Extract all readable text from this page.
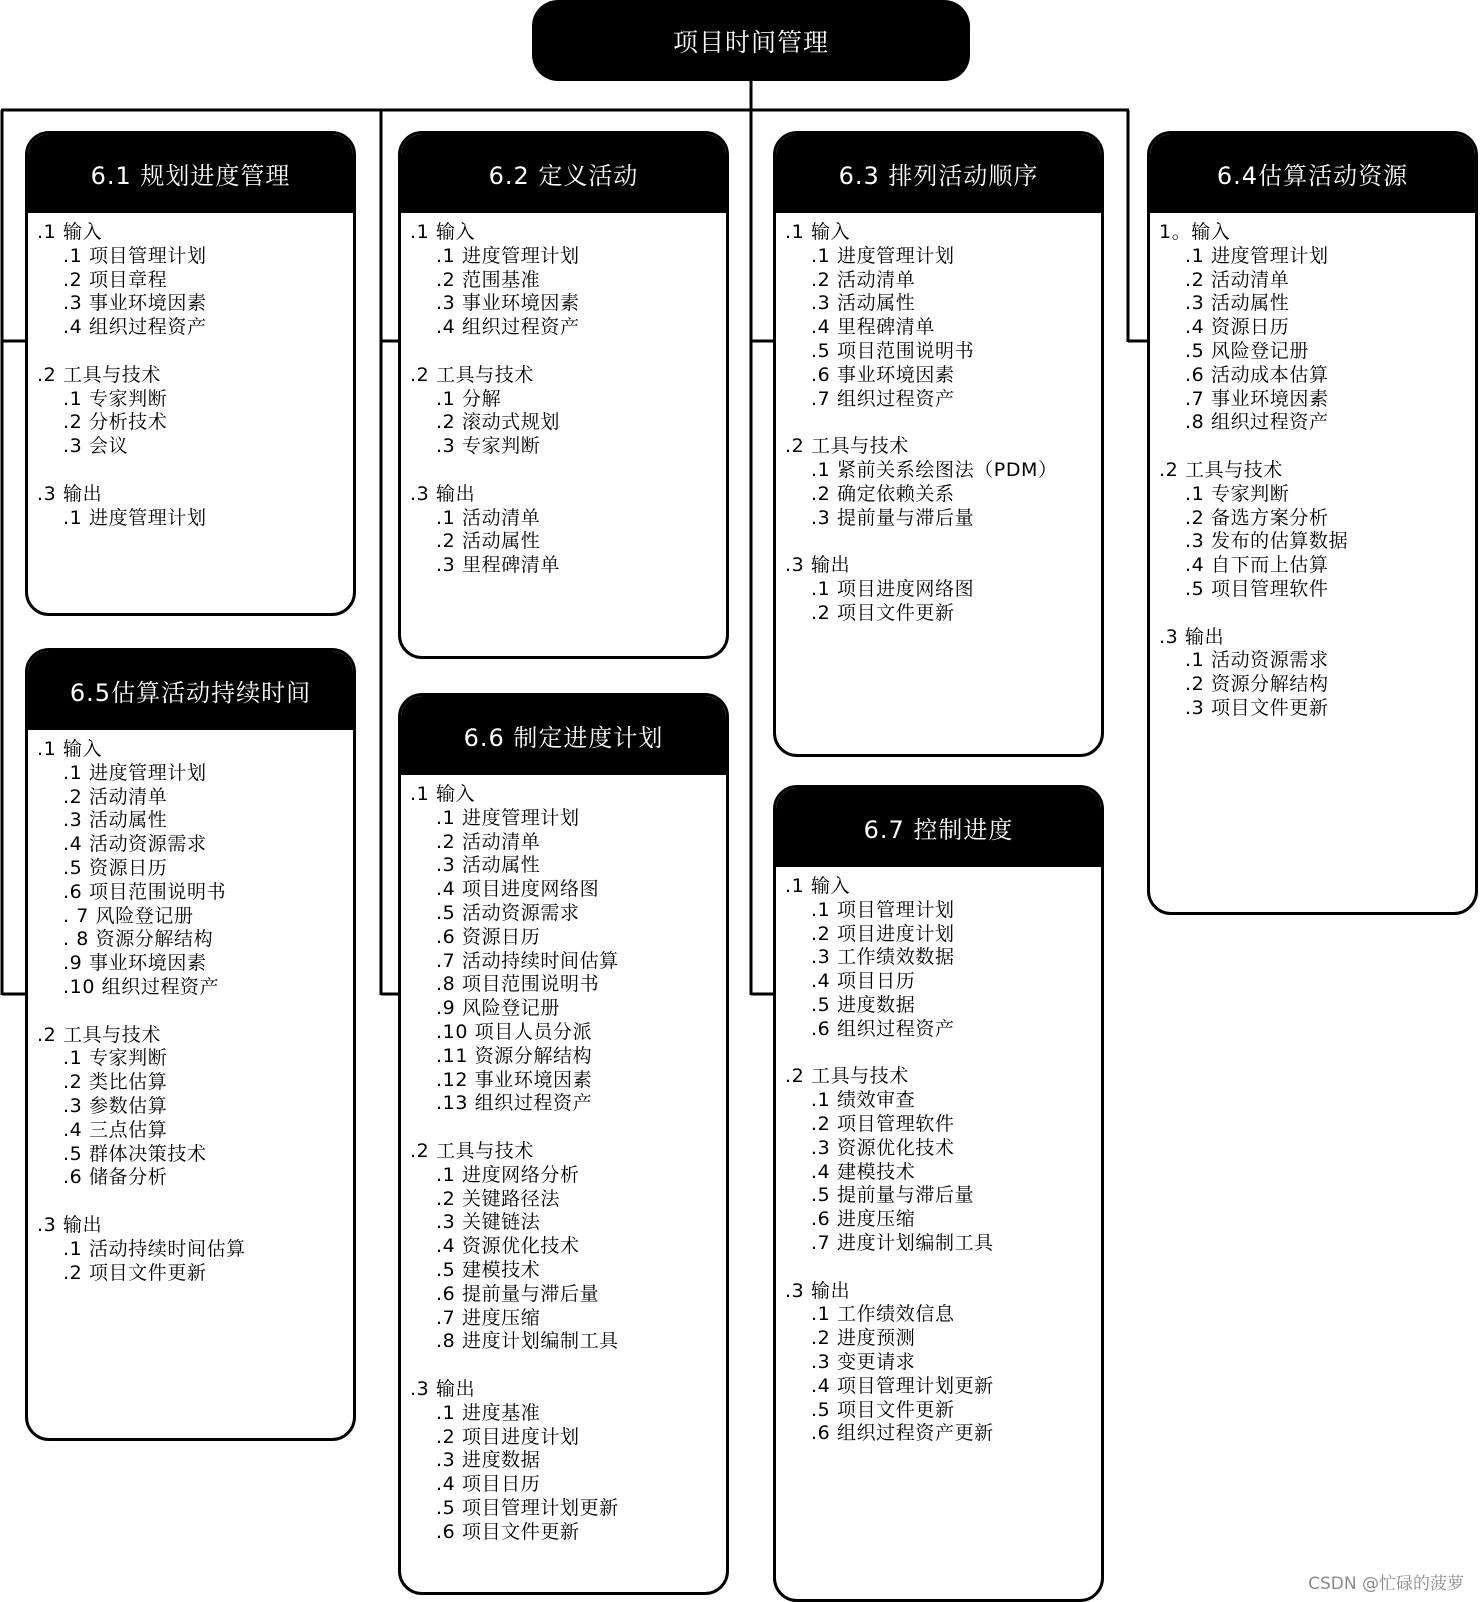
项目时间管理
6.1 规划进度管理
.1 输入
.1 项目管理计划
.2 项目章程
.3 事业环境因素
.4 组织过程资产
.2 工具与技术
.1 专家判断
.2 分析技术
.3 会议
.3 输出
.1 进度管理计划
6.2 定义活动
.1 输入
.1 进度管理计划
.2 范围基准
.3 事业环境因素
.4 组织过程资产
.2 工具与技术
.1 分解
.2 滚动式规划
.3 专家判断
.3 输出
.1 活动清单
.2 活动属性
.3 里程碑清单
6.3 排列活动顺序
.1 输入
.1 进度管理计划
.2 活动清单
.3 活动属性
.4 里程碑清单
.5 项目范围说明书
.6 事业环境因素
.7 组织过程资产
.2 工具与技术
.1 紧前关系绘图法（PDM）
.2 确定依赖关系
.3 提前量与滞后量
.3 输出
.1 项目进度网络图
.2 项目文件更新
6.4估算活动资源
1。输入
.1 进度管理计划
.2 活动清单
.3 活动属性
.4 资源日历
.5 风险登记册
.6 活动成本估算
.7 事业环境因素
.8 组织过程资产
.2 工具与技术
.1 专家判断
.2 备选方案分析
.3 发布的估算数据
.4 自下而上估算
.5 项目管理软件
.3 输出
.1 活动资源需求
.2 资源分解结构
.3 项目文件更新
6.5估算活动持续时间
.1 输入
.1 进度管理计划
.2 活动清单
.3 活动属性
.4 活动资源需求
.5 资源日历
.6 项目范围说明书
. 7 风险登记册
. 8 资源分解结构
.9 事业环境因素
.10 组织过程资产
.2 工具与技术
.1 专家判断
.2 类比估算
.3 参数估算
.4 三点估算
.5 群体决策技术
.6 储备分析
.3 输出
.1 活动持续时间估算
.2 项目文件更新
6.6 制定进度计划
.1 输入
.1 进度管理计划
.2 活动清单
.3 活动属性
.4 项目进度网络图
.5 活动资源需求
.6 资源日历
.7 活动持续时间估算
.8 项目范围说明书
.9 风险登记册
.10 项目人员分派
.11 资源分解结构
.12 事业环境因素
.13 组织过程资产
.2 工具与技术
.1 进度网络分析
.2 关键路径法
.3 关键链法
.4 资源优化技术
.5 建模技术
.6 提前量与滞后量
.7 进度压缩
.8 进度计划编制工具
.3 输出
.1 进度基准
.2 项目进度计划
.3 进度数据
.4 项目日历
.5 项目管理计划更新
.6 项目文件更新
6.7 控制进度
.1 输入
.1 项目管理计划
.2 项目进度计划
.3 工作绩效数据
.4 项目日历
.5 进度数据
.6 组织过程资产
.2 工具与技术
.1 绩效审查
.2 项目管理软件
.3 资源优化技术
.4 建模技术
.5 提前量与滞后量
.6 进度压缩
.7 进度计划编制工具
.3 输出
.1 工作绩效信息
.2 进度预测
.3 变更请求
.4 项目管理计划更新
.5 项目文件更新
.6 组织过程资产更新
CSDN @忙碌的菠萝
